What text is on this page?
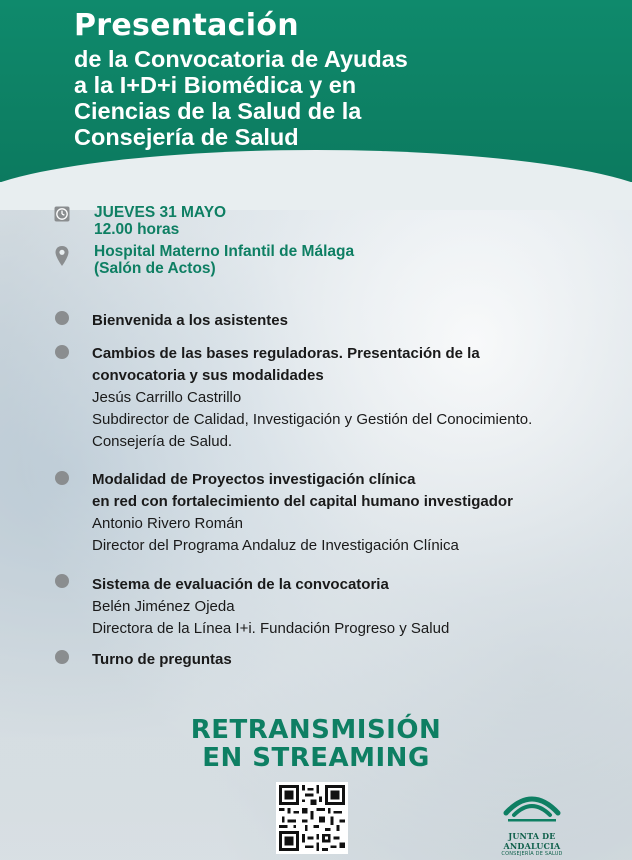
Presentación
de la Convocatoria de Ayudas
a la I+D+i Biomédica y en
Ciencias de la Salud de la
Consejería de Salud
JUEVES 31 MAYO
12.00 horas
Hospital Materno Infantil de Málaga
(Salón de Actos)
Bienvenida a los asistentes
Cambios de las bases reguladoras. Presentación de la
convocatoria y sus modalidades
Jesús Carrillo Castrillo
Subdirector de Calidad, Investigación y Gestión del Conocimiento.
Consejería de Salud.
Modalidad de Proyectos investigación clínica
en red con fortalecimiento del capital humano investigador
Antonio Rivero Román
Director del Programa Andaluz de Investigación Clínica
Sistema de evaluación de la convocatoria
Belén Jiménez Ojeda
Directora de la Línea I+i. Fundación Progreso y Salud
Turno de preguntas
RETRANSMISIÓN
EN STREAMING
JUNTA DE ANDALUCIA
CONSEJERÍA DE SALUD
